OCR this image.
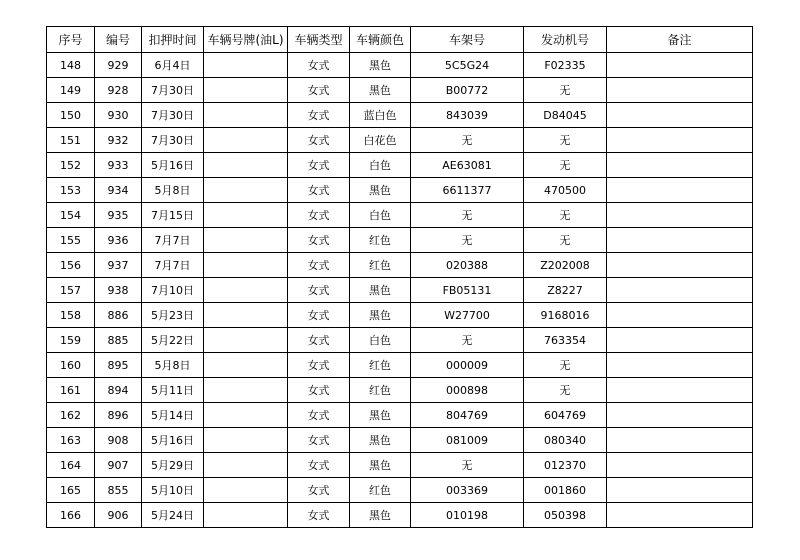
序号	编号	扣押时间	车辆号牌(油L)	车辆类型	车辆颜色	车架号	发动机号	备注
148	929	6月4日		女式	黑色	5C5G24	F02335	
149	928	7月30日		女式	黑色	B00772	无	
150	930	7月30日		女式	蓝白色	843039	D84045	
151	932	7月30日		女式	白花色	无	无	
152	933	5月16日		女式	白色	AE63081	无	
153	934	5月8日		女式	黑色	6611377	470500	
154	935	7月15日		女式	白色	无	无	
155	936	7月7日		女式	红色	无	无	
156	937	7月7日		女式	红色	020388	Z202008	
157	938	7月10日		女式	黑色	FB05131	Z8227	
158	886	5月23日		女式	黑色	W27700	9168016	
159	885	5月22日		女式	白色	无	763354	
160	895	5月8日		女式	红色	000009	无	
161	894	5月11日		女式	红色	000898	无	
162	896	5月14日		女式	黑色	804769	604769	
163	908	5月16日		女式	黑色	081009	080340	
164	907	5月29日		女式	黑色	无	012370	
165	855	5月10日		女式	红色	003369	001860	
166	906	5月24日		女式	黑色	010198	050398	
